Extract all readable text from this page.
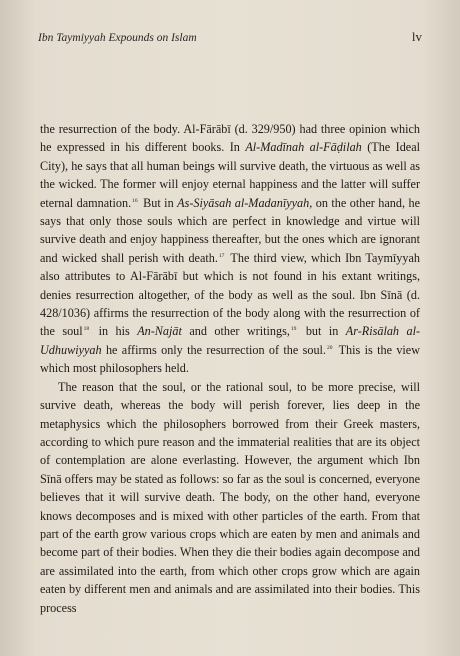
Ibn Taymiyyah Expounds on Islam	lv

the resurrection of the body. Al-Fārābī (d. 329/950) had three opinion which he expressed in his different books. In Al-Madīnah al-Fāḍilah (The Ideal City), he says that all human beings will survive death, the virtuous as well as the wicked. The former will enjoy eternal happiness and the latter will suffer eternal damnation.$^{16}$ But in As-Siyāsah al-Madanīyyah, on the other hand, he says that only those souls which are perfect in knowledge and virtue will survive death and enjoy happiness thereafter, but the ones which are ignorant and wicked shall perish with death.$^{17}$ The third view, which Ibn Taymīyyah also attributes to Al-Fārābī but which is not found in his extant writings, denies resurrection altogether, of the body as well as the soul. Ibn Sīnā (d. 428/1036) affirms the resurrection of the body along with the resurrection of the soul$^{18}$ in his An-Najāt and other writings,$^{19}$ but in Ar-Risālah al-Udhuwiyyah he affirms only the resurrection of the soul.$^{20}$ This is the view which most philosophers held.

The reason that the soul, or the rational soul, to be more precise, will survive death, whereas the body will perish forever, lies deep in the metaphysics which the philosophers borrowed from their Greek masters, according to which pure reason and the immaterial realities that are its object of contemplation are alone everlasting. However, the argument which Ibn Sīnā offers may be stated as follows: so far as the soul is concerned, everyone believes that it will survive death. The body, on the other hand, everyone knows decomposes and is mixed with other particles of the earth. From that part of the earth grow various crops which are eaten by men and animals and become part of their bodies. When they die their bodies again decompose and are assimilated into the earth, from which other crops grow which are again eaten by different men and animals and are assimilated into their bodies. This process
